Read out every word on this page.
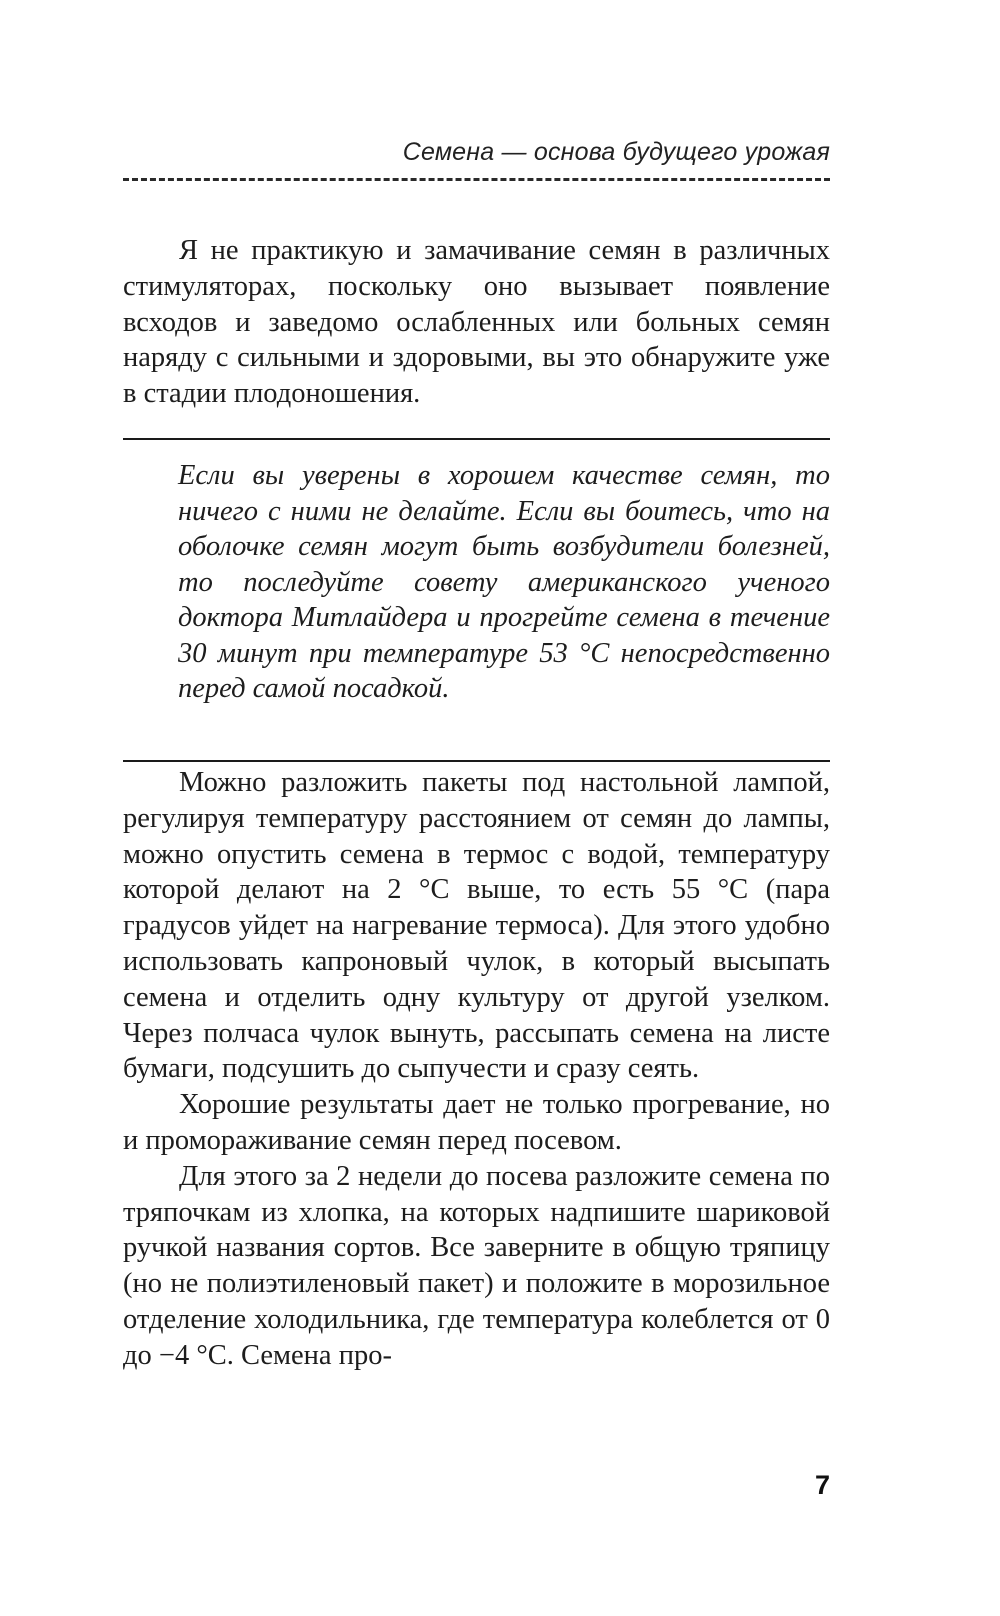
Семена — основа будущего урожая

Я не практикую и замачивание семян в различных стимуляторах, поскольку оно вызывает появление всходов и заведомо ослабленных или больных семян наряду с сильными и здоровыми, вы это обнаружите уже в стадии плодоношения.

Если вы уверены в хорошем качестве семян, то ничего с ними не делайте. Если вы боитесь, что на оболочке семян могут быть возбудители болезней, то последуйте совету американского ученого доктора Митлайдера и прогрейте семена в течение 30 минут при температуре 53 °С непосредственно перед самой посадкой.

Можно разложить пакеты под настольной лампой, регулируя температуру расстоянием от семян до лампы, можно опустить семена в термос с водой, температуру которой делают на 2 °С выше, то есть 55 °С (пара градусов уйдет на нагревание термоса). Для этого удобно использовать капроновый чулок, в который высыпать семена и отделить одну культуру от другой узелком. Через полчаса чулок вынуть, рассыпать семена на листе бумаги, подсушить до сыпучести и сразу сеять.

Хорошие результаты дает не только прогревание, но и промораживание семян перед посевом.

Для этого за 2 недели до посева разложите семена по тряпочкам из хлопка, на которых надпишите шариковой ручкой названия сортов. Все заверните в общую тряпицу (но не полиэтиленовый пакет) и положите в морозильное отделение холодильника, где температура колеблется от 0 до −4 °С. Семена про-

7
